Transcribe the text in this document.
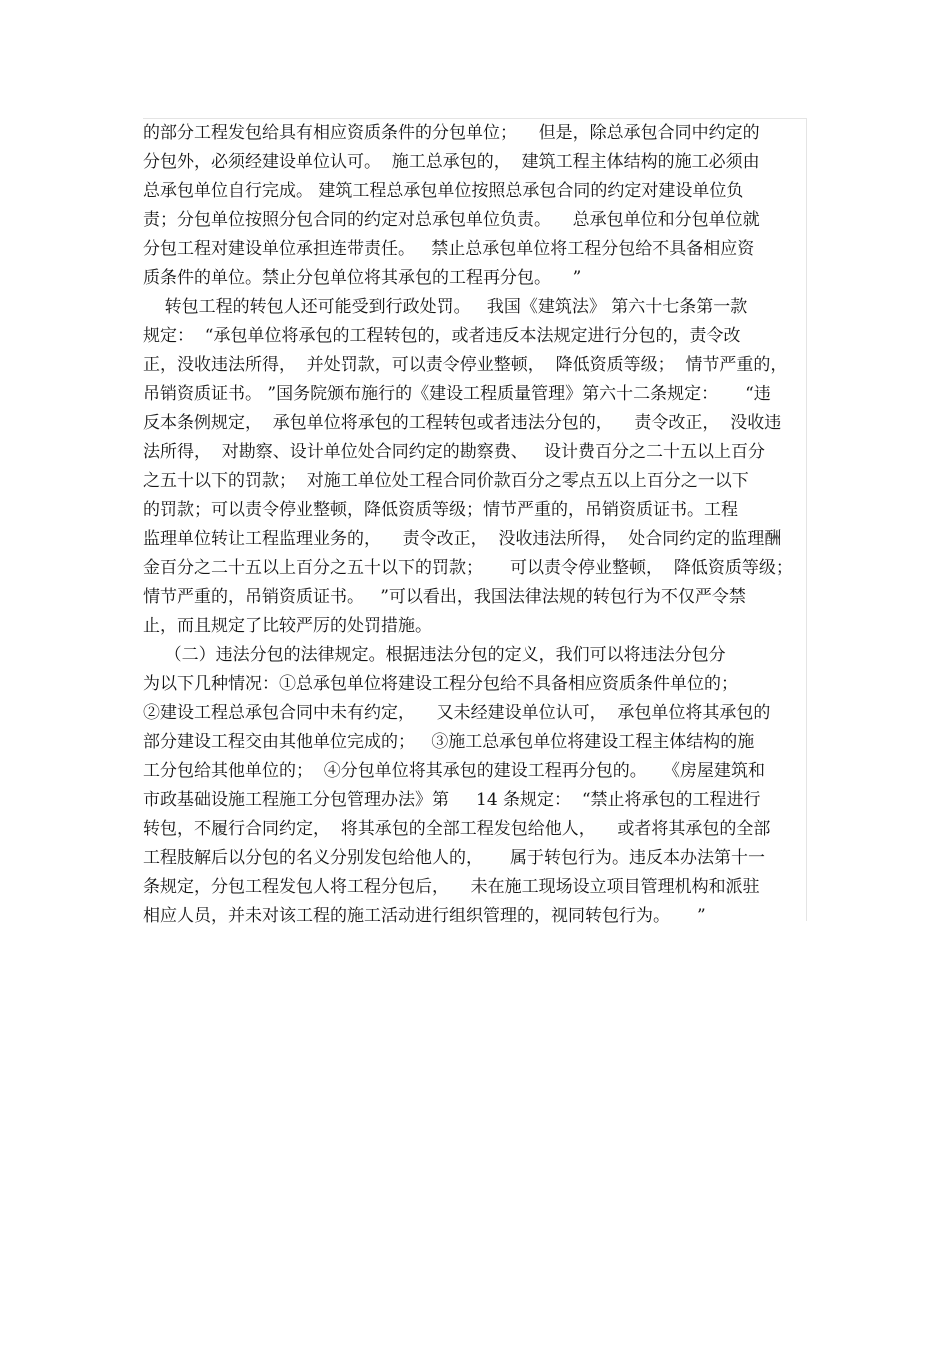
的部分工程发包给具有相应资质条件的分包单位；    但是，除总承包合同中约定的
分包外，必须经建设单位认可。  施工总承包的，  建筑工程主体结构的施工必须由
总承包单位自行完成。 建筑工程总承包单位按照总承包合同的约定对建设单位负
责；分包单位按照分包合同的约定对总承包单位负责。    总承包单位和分包单位就
分包工程对建设单位承担连带责任。   禁止总承包单位将工程分包给不具备相应资
质条件的单位。禁止分包单位将其承包的工程再分包。    ”
转包工程的转包人还可能受到行政处罚。   我国《建筑法》 第六十七条第一款
规定：  “承包单位将承包的工程转包的，或者违反本法规定进行分包的，责令改
正，没收违法所得，  并处罚款，可以责令停业整顿，  降低资质等级；  情节严重的，
吊销资质证书。 ”国务院颁布施行的《建设工程质量管理》第六十二条规定：     “违
反本条例规定，  承包单位将承包的工程转包或者违法分包的，    责令改正，  没收违
法所得，  对勘察、设计单位处合同约定的勘察费、   设计费百分之二十五以上百分
之五十以下的罚款；  对施工单位处工程合同价款百分之零点五以上百分之一以下
的罚款；可以责令停业整顿，降低资质等级；情节严重的，吊销资质证书。工程
监理单位转让工程监理业务的，    责令改正，  没收违法所得，  处合同约定的监理酬
金百分之二十五以上百分之五十以下的罚款；     可以责令停业整顿，  降低资质等级；
情节严重的，吊销资质证书。   ”可以看出，我国法律法规的转包行为不仅严令禁
止，而且规定了比较严厉的处罚措施。
（二）违法分包的法律规定。根据违法分包的定义，我们可以将违法分包分
为以下几种情况：①总承包单位将建设工程分包给不具备相应资质条件单位的；
②建设工程总承包合同中未有约定，    又未经建设单位认可，  承包单位将其承包的
部分建设工程交由其他单位完成的；   ③施工总承包单位将建设工程主体结构的施
工分包给其他单位的；  ④分包单位将其承包的建设工程再分包的。   《房屋建筑和
市政基础设施工程施工分包管理办法》第     14 条规定：  “禁止将承包的工程进行
转包，不履行合同约定，  将其承包的全部工程发包给他人，    或者将其承包的全部
工程肢解后以分包的名义分别发包给他人的，     属于转包行为。违反本办法第十一
条规定，分包工程发包人将工程分包后，    未在施工现场设立项目管理机构和派驻
相应人员，并未对该工程的施工活动进行组织管理的，视同转包行为。     ”
